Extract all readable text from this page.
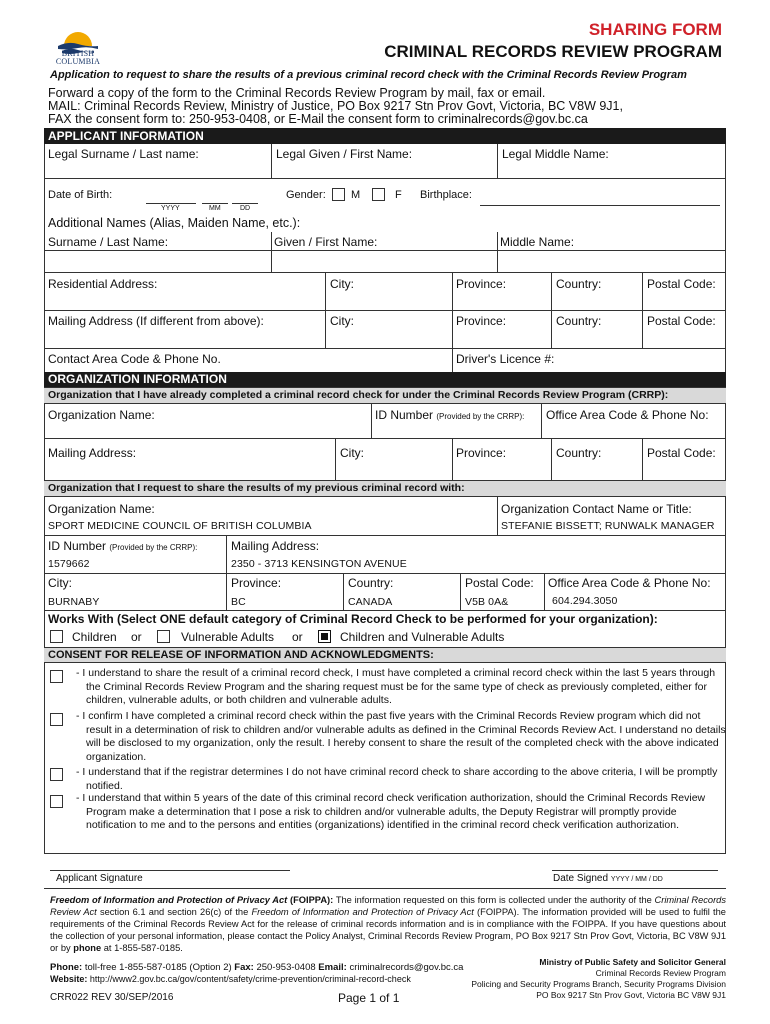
BRITISH
COLUMBIA
SHARING FORM
CRIMINAL RECORDS REVIEW PROGRAM
Application to request to share the results of a previous criminal record check with the Criminal Records Review Program
Forward a copy of the form to the Criminal Records Review Program by mail, fax or email.
MAIL: Criminal Records Review, Ministry of Justice, PO Box 9217 Stn Prov Govt, Victoria, BC V8W 9J1,
FAX the consent form to: 250-953-0408, or E-Mail the consent form to criminalrecords@gov.bc.ca
APPLICANT INFORMATION
Legal Surname / Last name:	Legal Given / First Name:	Legal Middle Name:
Date of Birth:
YYYY	MM	DD
Gender: M	F Birthplace:
Additional Names (Alias, Maiden Name, etc.):
Surname / Last Name:	Given / First Name:	Middle Name:
Residential Address:	City:	Province:	Country:	Postal Code:
Mailing Address (If different from above):	City:	Province:	Country:	Postal Code:
Contact Area Code & Phone No.	Driver's Licence #:
ORGANIZATION INFORMATION
Organization that I have already completed a criminal record check for under the Criminal Records Review Program (CRRP):
Organization Name:	ID Number (Provided by the CRRP): Office Area Code & Phone No:
Mailing Address:	City:	Province:	Country:	Postal Code:
Organization that I request to share the results of my previous criminal record with:
Organization Name:
SPORT MEDICINE COUNCIL OF BRITISH COLUMBIA
Organization Contact Name or Title:
STEFANIE BISSETT; RUNWALK MANAGER
ID Number (Provided by the CRRP):
1579662
Mailing Address:
2350 - 3713 KENSINGTON AVENUE
City:
BURNABY
Province:
BC
Country:
CANADA
Postal Code:
V5B 0A&
Office Area Code & Phone No:
604.294.3050
Works With (Select ONE default category of Criminal Record Check to be performed for your organization):
Children or	Vulnerable Adults or	Children and Vulnerable Adults
CONSENT FOR RELEASE OF INFORMATION AND ACKNOWLEDGMENTS:
- I understand to share the result of a criminal record check, I must have completed a criminal record check within the last 5 years through the Criminal Records Review Program and the sharing request must be for the same type of check as previously completed, either for children, vulnerable adults, or both children and vulnerable adults.
- I confirm I have completed a criminal record check within the past five years with the Criminal Records Review program which did not result in a determination of risk to children and/or vulnerable adults as defined in the Criminal Records Review Act. I understand no details will be disclosed to my organization, only the result. I hereby consent to share the result of the completed check with the above indicated organization.
- I understand that if the registrar determines I do not have criminal record check to share according to the above criteria, I will be promptly notified.
- I understand that within 5 years of the date of this criminal record check verification authorization, should the Criminal Records Review Program make a determination that I pose a risk to children and/or vulnerable adults, the Deputy Registrar will promptly provide notification to me and to the persons and entities (organizations) identified in the criminal record check verification authorization.
Applicant Signature	Date Signed YYYY / MM / DD
Freedom of Information and Protection of Privacy Act (FOIPPA): The information requested on this form is collected under the authority of the Criminal Records Review Act section 6.1 and section 26(c) of the Freedom of Information and Protection of Privacy Act (FOIPPA). The information provided will be used to fulfil the requirements of the Criminal Records Review Act for the release of criminal records information and is in compliance with the FOIPPA. If you have questions about the collection of your personal information, please contact the Policy Analyst, Criminal Records Review Program, PO Box 9217 Stn Prov Govt, Victoria, BC V8W 9J1 or by phone at 1-855-587-0185.
Phone: toll-free 1-855-587-0185 (Option 2) Fax: 250-953-0408 Email: criminalrecords@gov.bc.ca
Website: http://www2.gov.bc.ca/gov/content/safety/crime-prevention/criminal-record-check
Ministry of Public Safety and Solicitor General
Criminal Records Review Program
Policing and Security Programs Branch, Security Programs Division
PO Box 9217 Stn Prov Govt, Victoria BC V8W 9J1
CRR022 REV 30/SEP/2016	Page 1 of 1
